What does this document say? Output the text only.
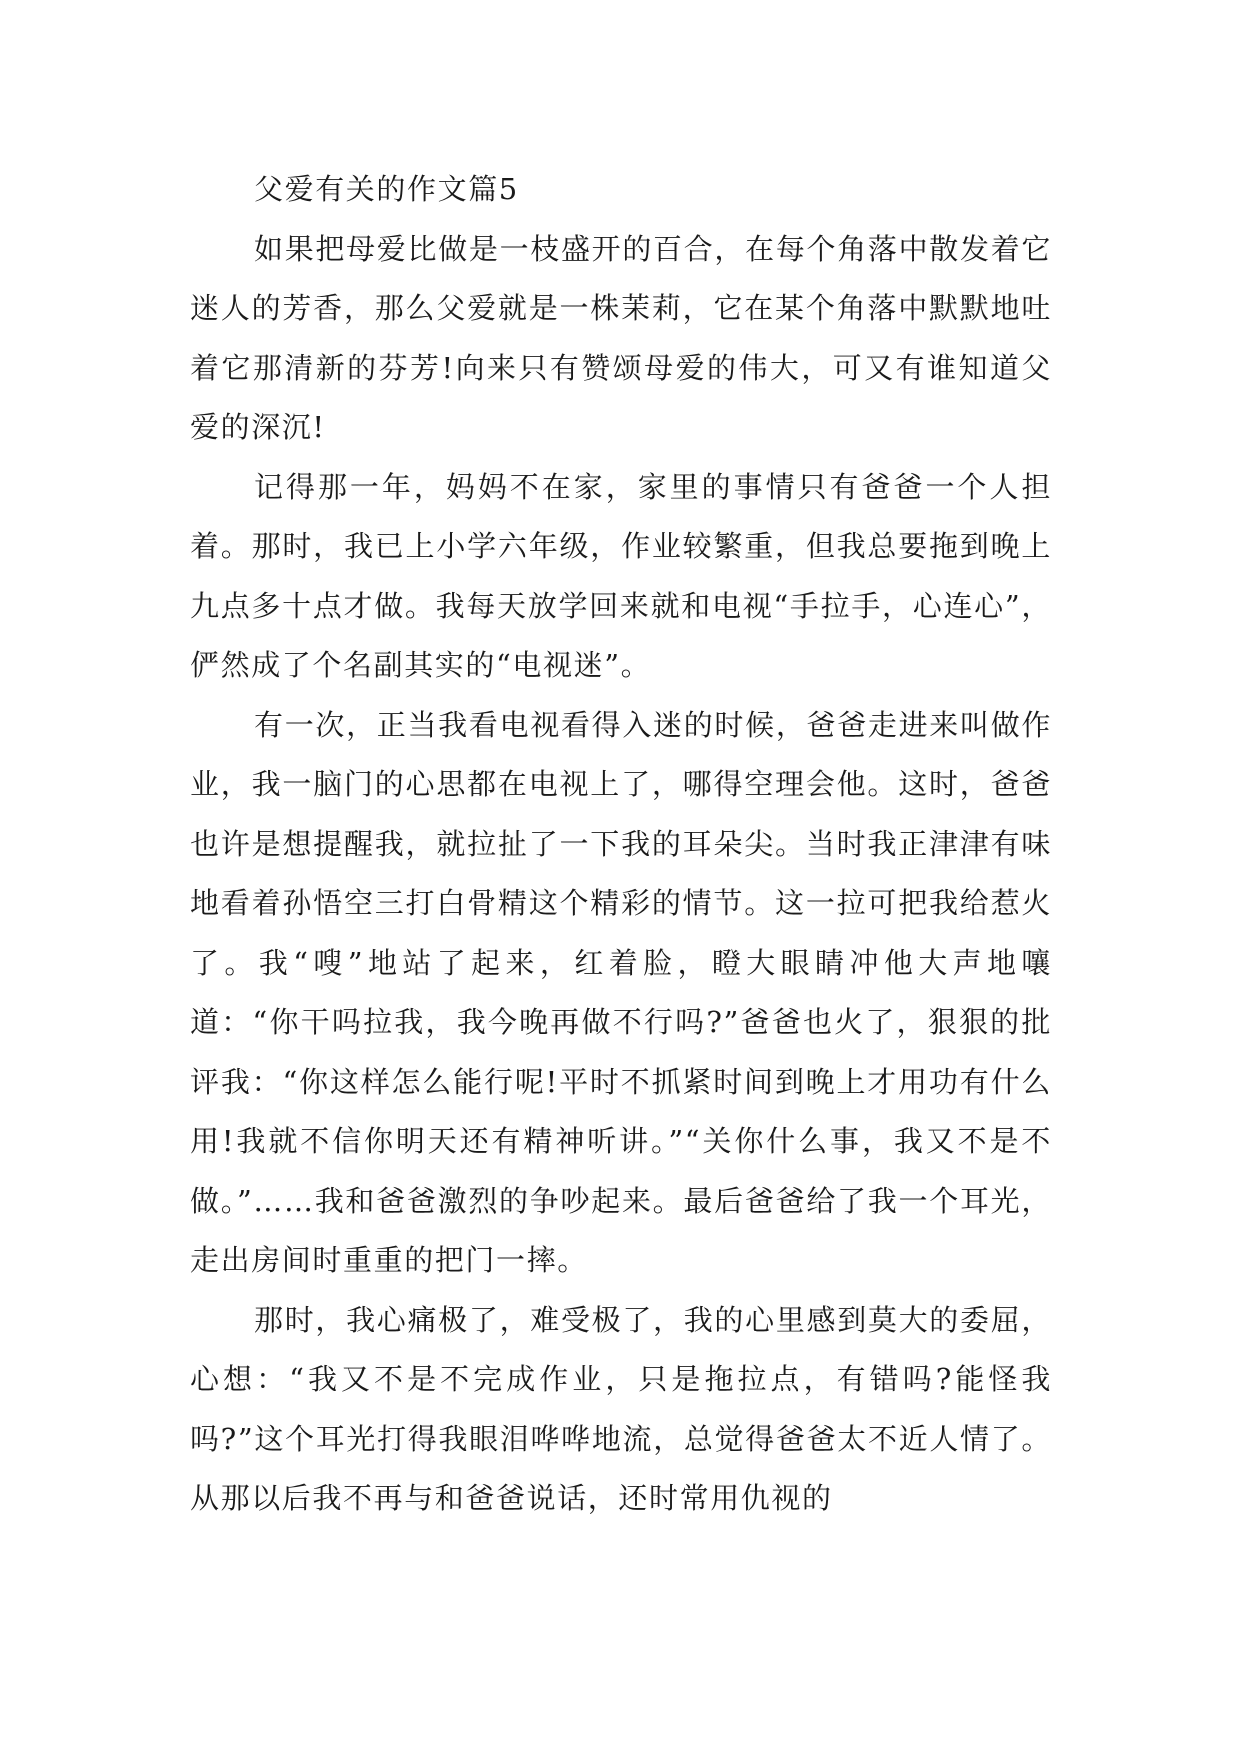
父爱有关的作文篇5

如果把母爱比做是一枝盛开的百合，在每个角落中散发着它迷人的芳香，那么父爱就是一株茉莉，它在某个角落中默默地吐着它那清新的芬芳!向来只有赞颂母爱的伟大，可又有谁知道父爱的深沉!

记得那一年，妈妈不在家，家里的事情只有爸爸一个人担着。那时，我已上小学六年级，作业较繁重，但我总要拖到晚上九点多十点才做。我每天放学回来就和电视“手拉手，心连心”，俨然成了个名副其实的“电视迷”。

有一次，正当我看电视看得入迷的时候，爸爸走进来叫做作业，我一脑门的心思都在电视上了，哪得空理会他。这时，爸爸也许是想提醒我，就拉扯了一下我的耳朵尖。当时我正津津有味地看着孙悟空三打白骨精这个精彩的情节。这一拉可把我给惹火了。我“嗖”地站了起来，红着脸，瞪大眼睛冲他大声地嚷道：“你干吗拉我，我今晚再做不行吗?”爸爸也火了，狠狠的批评我：“你这样怎么能行呢!平时不抓紧时间到晚上才用功有什么用!我就不信你明天还有精神听讲。”“关你什么事，我又不是不做。”……我和爸爸激烈的争吵起来。最后爸爸给了我一个耳光，走出房间时重重的把门一摔。

那时，我心痛极了，难受极了，我的心里感到莫大的委屈，心想：“我又不是不完成作业，只是拖拉点，有错吗?能怪我吗?”这个耳光打得我眼泪哗哗地流，总觉得爸爸太不近人情了。从那以后我不再与和爸爸说话，还时常用仇视的
